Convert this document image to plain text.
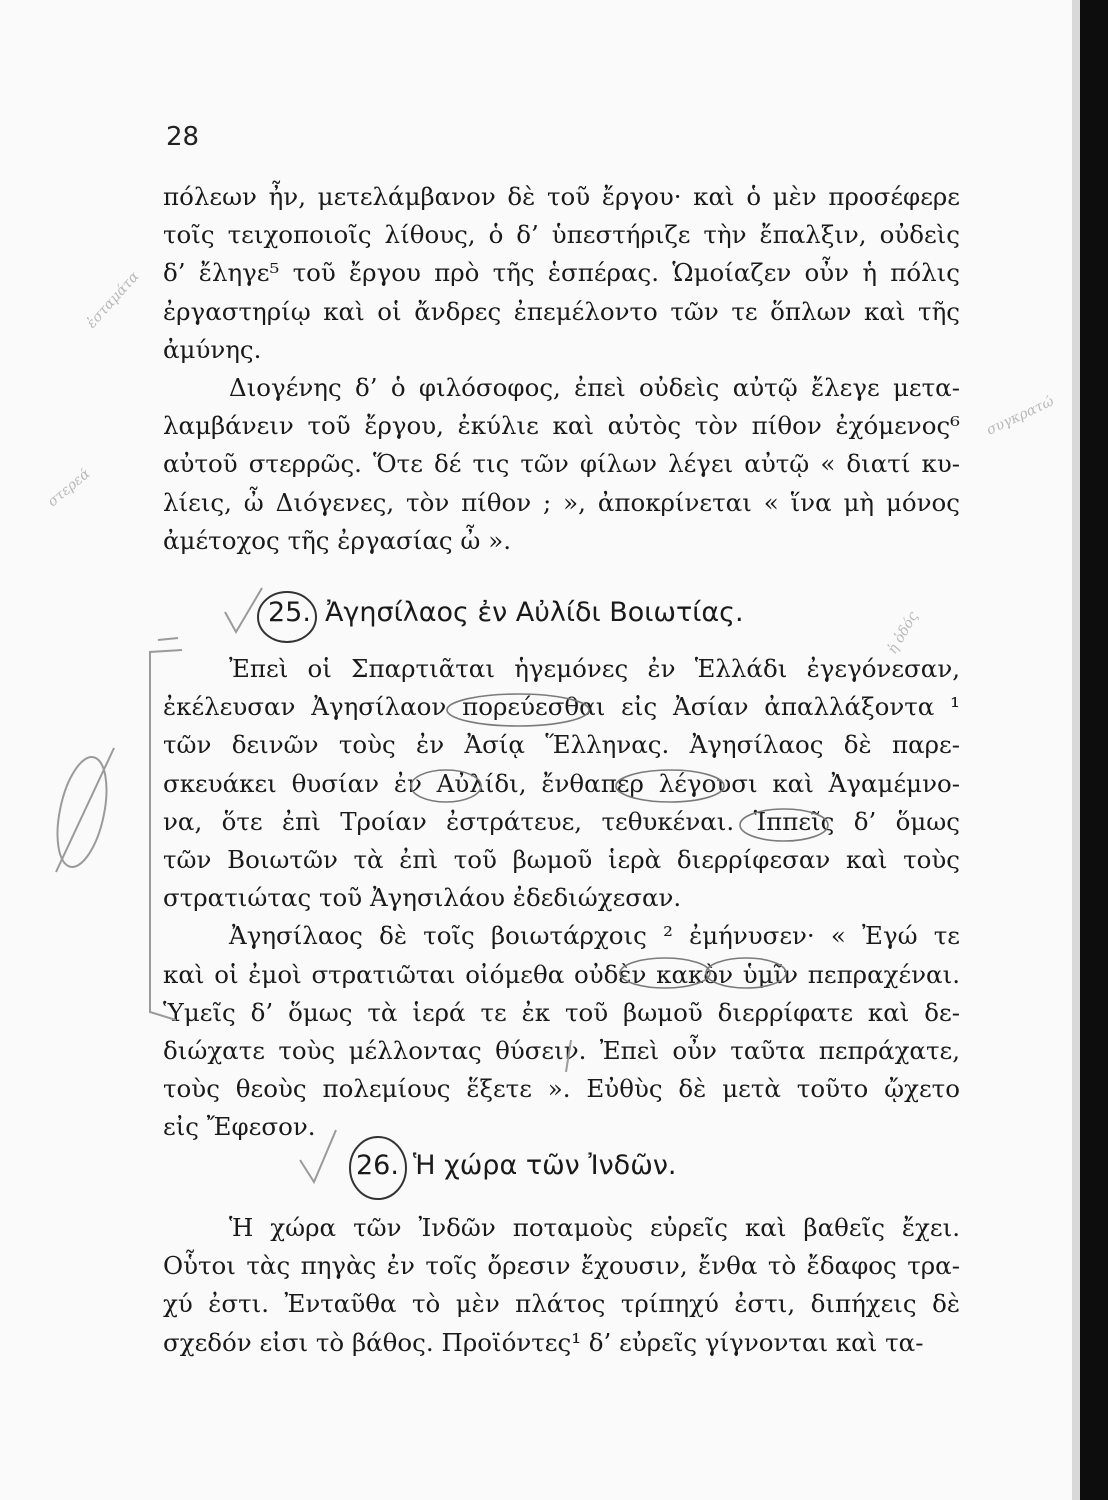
28
πόλεων ἦν, μετελάμβανον δὲ τοῦ ἔργου· καὶ ὁ μὲν προσέφερε
τοῖς τειχοποιοῖς λίθους, ὁ δ’ ὑπεστήριζε τὴν ἔπαλξιν, οὐδεὶς
δ’ ἔληγε⁵ τοῦ ἔργου πρὸ τῆς ἑσπέρας. Ὡμοίαζεν οὖν ἡ πόλις
ἐργαστηρίῳ καὶ οἱ ἄνδρες ἐπεμέλοντο τῶν τε ὅπλων καὶ τῆς
ἀμύνης.
Διογένης δ’ ὁ φιλόσοφος, ἐπεὶ οὐδεὶς αὐτῷ ἔλεγε μετα-
λαμβάνειν τοῦ ἔργου, ἐκύλιε καὶ αὐτὸς τὸν πίθον ἐχόμενος⁶
αὐτοῦ στερρῶς. Ὅτε δέ τις τῶν φίλων λέγει αὐτῷ « διατί κυ-
λίεις, ὦ Διόγενες, τὸν πίθον ; », ἀποκρίνεται « ἵνα μὴ μόνος
ἀμέτοχος τῆς ἐργασίας ὦ ».
25. Ἀγησίλαος ἐν Αὐλίδι Βοιωτίας.
Ἐπεὶ οἱ Σπαρτιᾶται ἡγεμόνες ἐν Ἑλλάδι ἐγεγόνεσαν,
ἐκέλευσαν Ἀγησίλαον πορεύεσθαι εἰς Ἀσίαν ἀπαλλάξοντα ¹
τῶν δεινῶν τοὺς ἐν Ἀσίᾳ Ἕλληνας. Ἀγησίλαος δὲ παρε-
σκευάκει θυσίαν ἐν Αὐλίδι, ἔνθαπερ λέγουσι καὶ Ἀγαμέμνο-
να, ὅτε ἐπὶ Τροίαν ἐστράτευε, τεθυκέναι. Ἱππεῖς δ’ ὅμως
τῶν Βοιωτῶν τὰ ἐπὶ τοῦ βωμοῦ ἱερὰ διερρίφεσαν καὶ τοὺς
στρατιώτας τοῦ Ἀγησιλάου ἐδεδιώχεσαν.
Ἀγησίλαος δὲ τοῖς βοιωτάρχοις ² ἐμήνυσεν· « Ἐγώ τε
καὶ οἱ ἐμοὶ στρατιῶται οἰόμεθα οὐδὲν κακὸν ὑμῖν πεπραχέναι.
Ὑμεῖς δ’ ὅμως τὰ ἱερά τε ἐκ τοῦ βωμοῦ διερρίφατε καὶ δε-
διώχατε τοὺς μέλλοντας θύσειν. Ἐπεὶ οὖν ταῦτα πεπράχατε,
τοὺς θεοὺς πολεμίους ἕξετε ». Εὐθὺς δὲ μετὰ τοῦτο ᾤχετο
εἰς Ἔφεσον.
26. Ἡ χώρα τῶν Ἰνδῶν.
Ἡ χώρα τῶν Ἰνδῶν ποταμοὺς εὐρεῖς καὶ βαθεῖς ἔχει.
Οὗτοι τὰς πηγὰς ἐν τοῖς ὄρεσιν ἔχουσιν, ἔνθα τὸ ἔδαφος τρα-
χύ ἐστι. Ἐνταῦθα τὸ μὲν πλάτος τρίπηχύ ἐστι, διπήχεις δὲ
σχεδόν εἰσι τὸ βάθος. Προϊόντες¹ δ’ εὐρεῖς γίγνονται καὶ τα-
ἐσταμάτα
στερεά
συγκρατώ
ἡ ὁδός
